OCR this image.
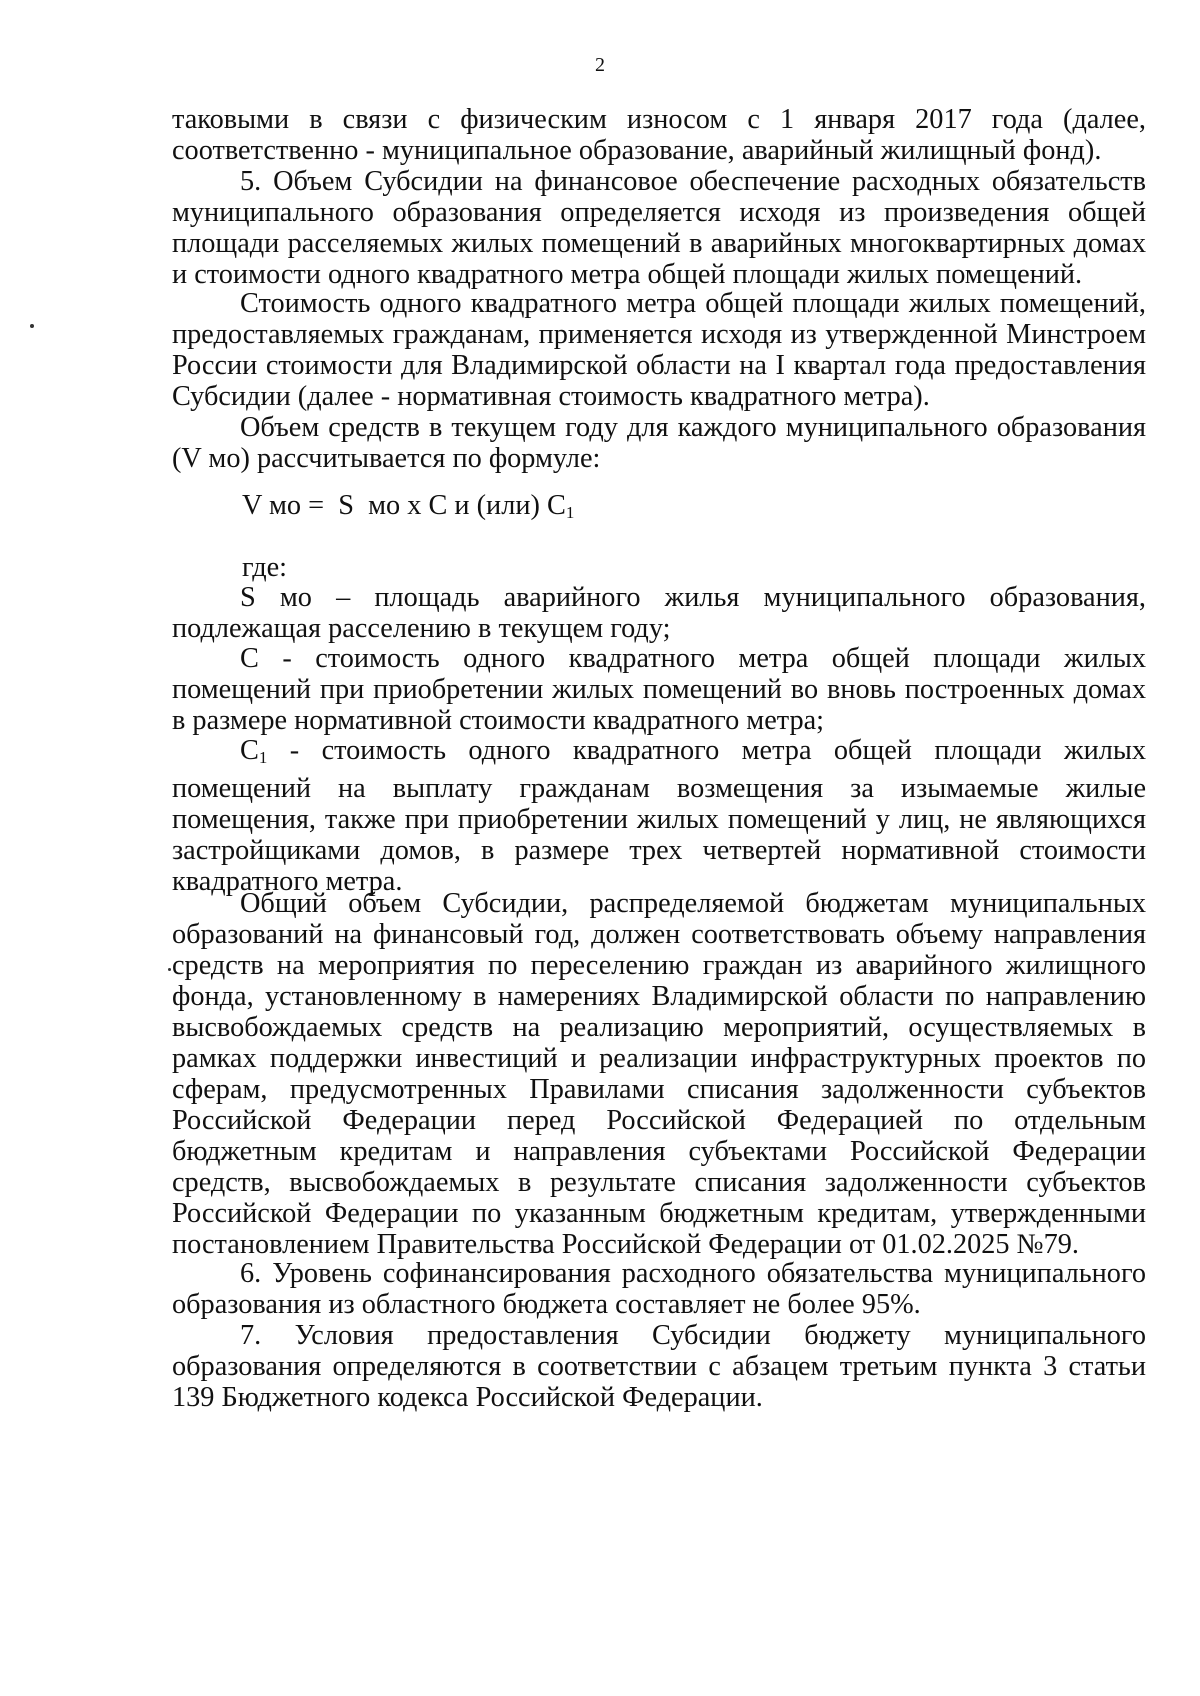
2
таковыми в связи с физическим износом с 1 января 2017 года (далее, соответственно - муниципальное образование, аварийный жилищный фонд).
5. Объем Субсидии на финансовое обеспечение расходных обязательств муниципального образования определяется исходя из произведения общей площади расселяемых жилых помещений в аварийных многоквартирных домах и стоимости одного квадратного метра общей площади жилых помещений.
Стоимость одного квадратного метра общей площади жилых помещений, предоставляемых гражданам, применяется исходя из утвержденной Минстроем России стоимости для Владимирской области на I квартал года предоставления Субсидии (далее - нормативная стоимость квадратного метра).
Объем средств в текущем году для каждого муниципального образования (V мо) рассчитывается по формуле:
V мо =  S  мо х С и (или) $С_1$
где:
S мо – площадь аварийного жилья муниципального образования, подлежащая расселению в текущем году;
С - стоимость одного квадратного метра общей площади жилых помещений при приобретении жилых помещений во вновь построенных домах в размере нормативной стоимости квадратного метра;
С1 - стоимость одного квадратного метра общей площади жилых помещений на выплату гражданам возмещения за изымаемые жилые помещения, также при приобретении жилых помещений у лиц, не являющихся застройщиками домов, в размере трех четвертей нормативной стоимости квадратного метра.
Общий объем Субсидии, распределяемой бюджетам муниципальных образований на финансовый год, должен соответствовать объему направления средств на мероприятия по переселению граждан из аварийного жилищного фонда, установленному в намерениях Владимирской области по направлению высвобождаемых средств на реализацию мероприятий, осуществляемых в рамках поддержки инвестиций и реализации инфраструктурных проектов по сферам, предусмотренных Правилами списания задолженности субъектов Российской Федерации перед Российской Федерацией по отдельным бюджетным кредитам и направления субъектами Российской Федерации средств, высвобождаемых в результате списания задолженности субъектов Российской Федерации по указанным бюджетным кредитам, утвержденными постановлением Правительства Российской Федерации от 01.02.2025 №79.
6. Уровень софинансирования расходного обязательства муниципального образования из областного бюджета составляет не более 95%.
7. Условия предоставления Субсидии бюджету муниципального образования определяются в соответствии с абзацем третьим пункта 3 статьи 139 Бюджетного кодекса Российской Федерации.
